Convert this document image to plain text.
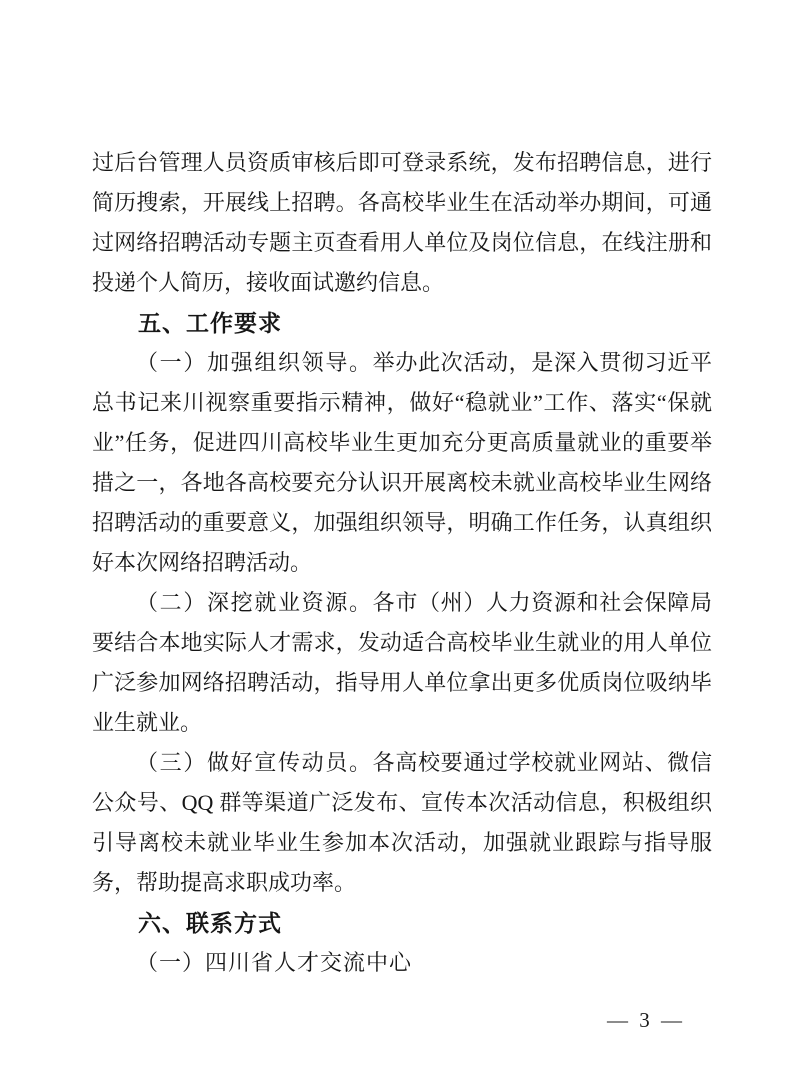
过后台管理人员资质审核后即可登录系统，发布招聘信息，进行简历搜索，开展线上招聘。各高校毕业生在活动举办期间，可通过网络招聘活动专题主页查看用人单位及岗位信息，在线注册和投递个人简历，接收面试邀约信息。

五、工作要求

（一）加强组织领导。举办此次活动，是深入贯彻习近平总书记来川视察重要指示精神，做好“稳就业”工作、落实“保就业”任务，促进四川高校毕业生更加充分更高质量就业的重要举措之一，各地各高校要充分认识开展离校未就业高校毕业生网络招聘活动的重要意义，加强组织领导，明确工作任务，认真组织好本次网络招聘活动。

（二）深挖就业资源。各市（州）人力资源和社会保障局要结合本地实际人才需求，发动适合高校毕业生就业的用人单位广泛参加网络招聘活动，指导用人单位拿出更多优质岗位吸纳毕业生就业。

（三）做好宣传动员。各高校要通过学校就业网站、微信公众号、QQ 群等渠道广泛发布、宣传本次活动信息，积极组织引导离校未就业毕业生参加本次活动，加强就业跟踪与指导服务，帮助提高求职成功率。

六、联系方式

（一）四川省人才交流中心

— 3 —
